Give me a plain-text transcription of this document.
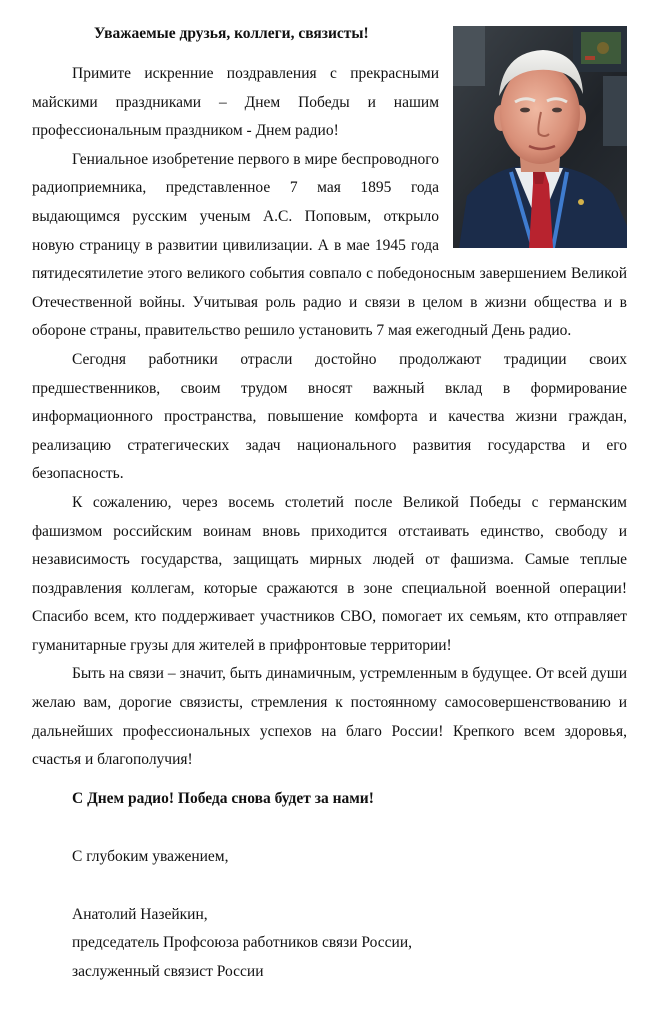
Уважаемые друзья, коллеги, связисты!

Примите искренние поздравления с прекрасными майскими праздниками – Днем Победы и нашим профессиональным праздником - Днем радио!

Гениальное изобретение первого в мире беспроводного радиоприемника, представленное 7 мая 1895 года выдающимся русским ученым А.С. Поповым, открыло новую страницу в развитии цивилизации. А в мае 1945 года пятидесятилетие этого великого события совпало с победоносным завершением Великой Отечественной войны. Учитывая роль радио и связи в целом в жизни общества и в обороне страны, правительство решило установить 7 мая ежегодный День радио.

Сегодня работники отрасли достойно продолжают традиции своих предшественников, своим трудом вносят важный вклад в формирование информационного пространства, повышение комфорта и качества жизни граждан, реализацию стратегических задач национального развития государства и его безопасность.

К сожалению, через восемь столетий после Великой Победы с германским фашизмом российским воинам вновь приходится отстаивать единство, свободу и независимость государства, защищать мирных людей от фашизма. Самые теплые поздравления коллегам, которые сражаются в зоне специальной военной операции! Спасибо всем, кто поддерживает участников СВО, помогает их семьям, кто отправляет гуманитарные грузы для жителей в прифронтовые территории!

Быть на связи – значит, быть динамичным, устремленным в будущее. От всей души желаю вам, дорогие связисты, стремления к постоянному самосовершенствованию и дальнейших профессиональных успехов на благо России! Крепкого всем здоровья, счастья и благополучия!

С Днем радио! Победа снова будет за нами!
С глубоким уважением,
Анатолий Назейкин,
председатель Профсоюза работников связи России,
заслуженный связист России
